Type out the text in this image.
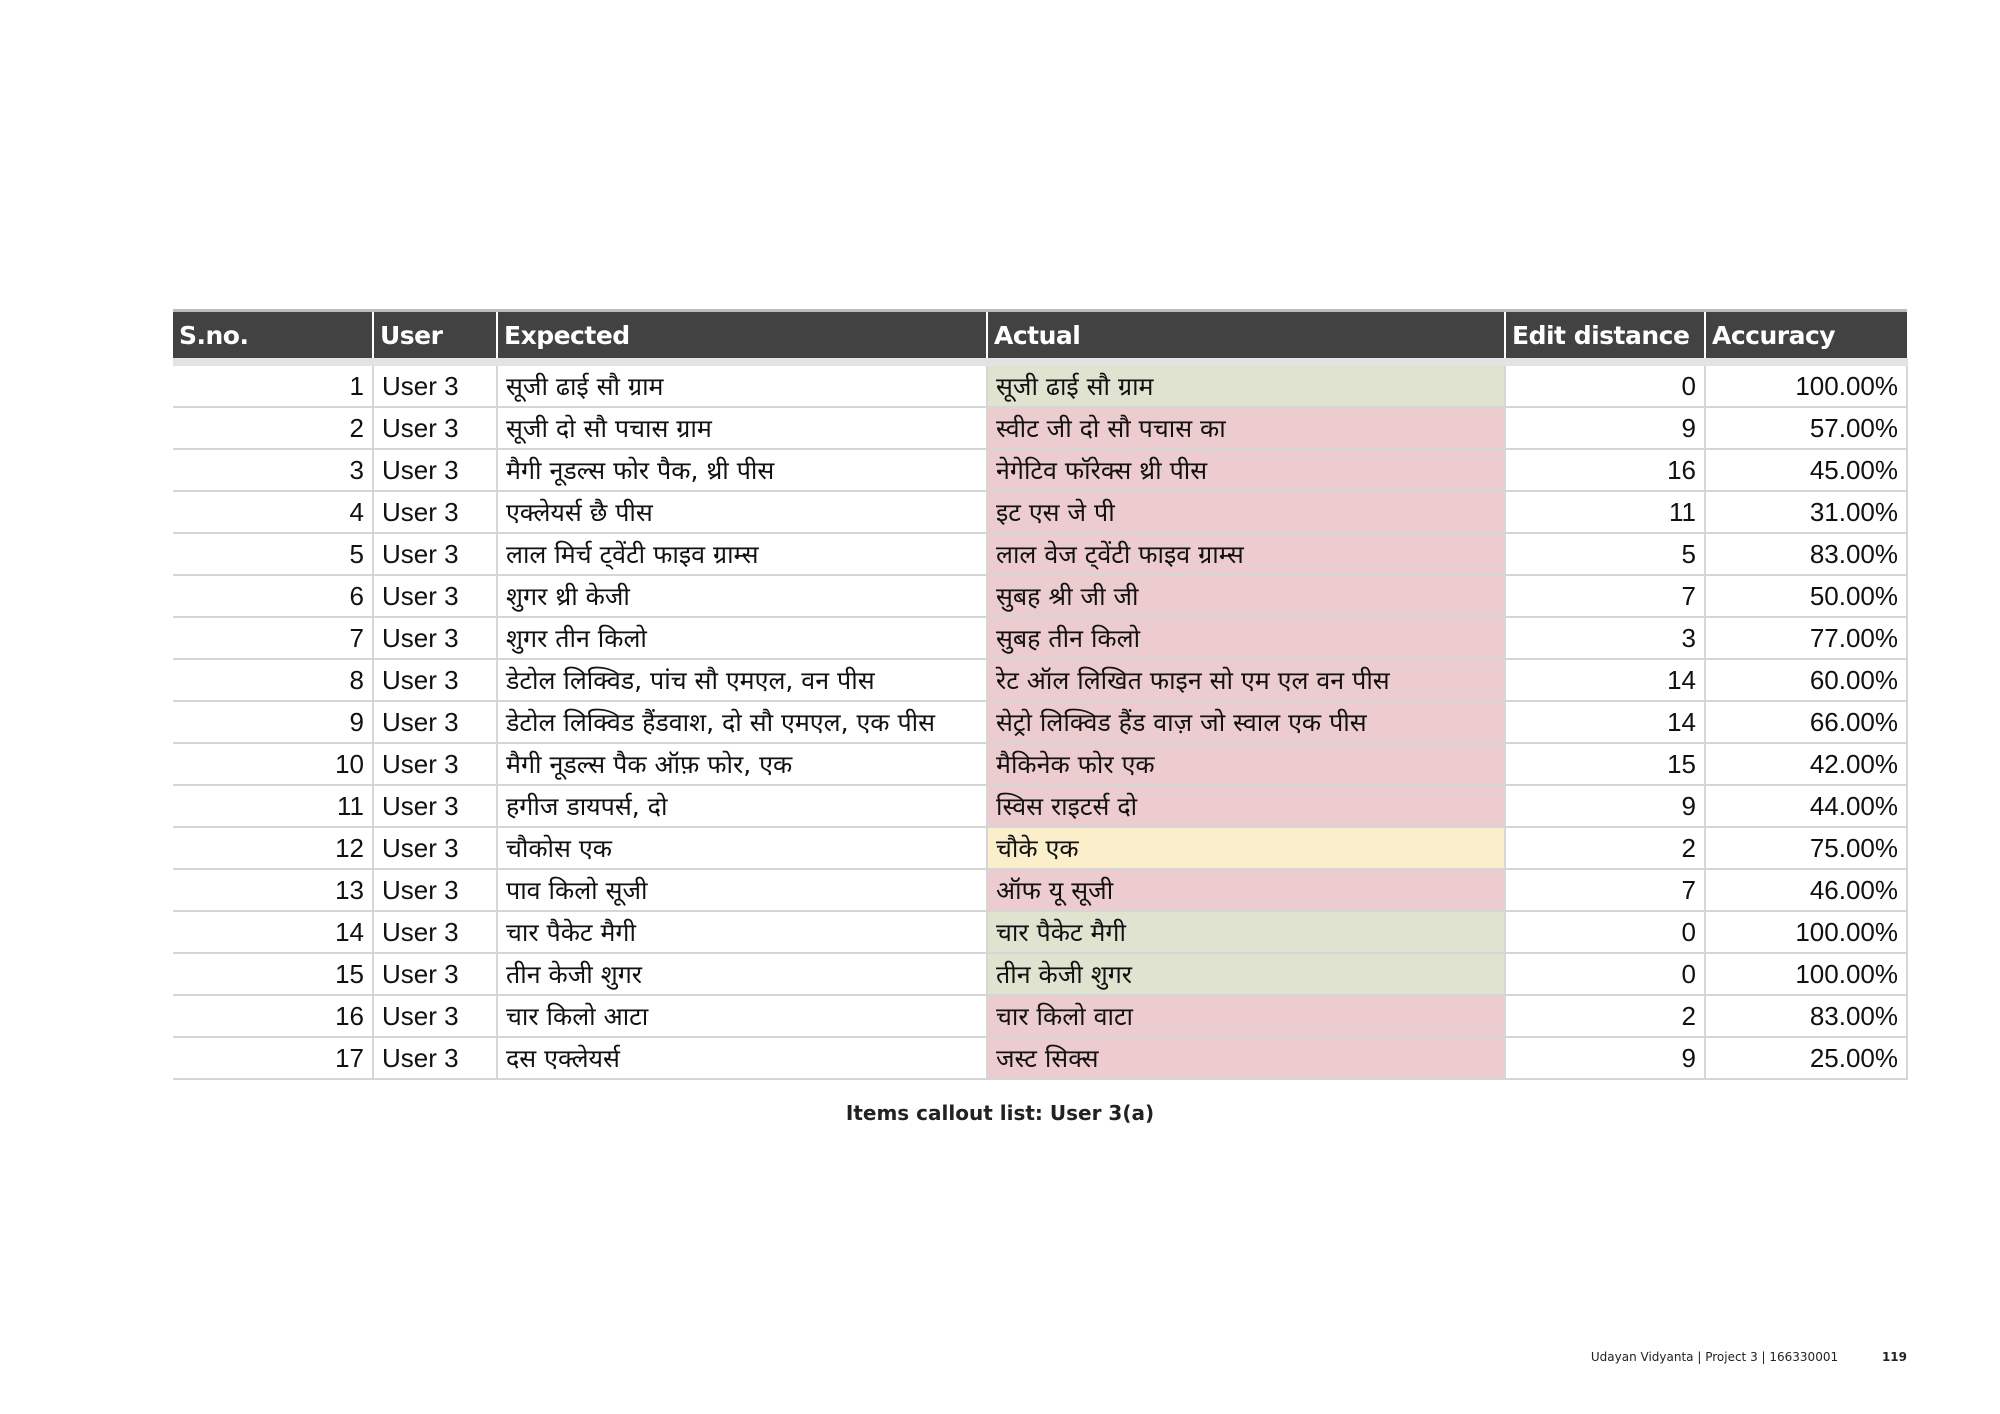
S.no.	User	Expected	Actual	Edit distance	Accuracy
1	User 3	सूजी ढाई सौ ग्राम	सूजी ढाई सौ ग्राम	0	100.00%
2	User 3	सूजी दो सौ पचास ग्राम	स्वीट जी दो सौ पचास का	9	57.00%
3	User 3	मैगी नूडल्स फोर पैक, थ्री पीस	नेगेटिव फॉरेक्स थ्री पीस	16	45.00%
4	User 3	एक्लेयर्स छै पीस	इट एस जे पी	11	31.00%
5	User 3	लाल मिर्च ट्वेंटी फाइव ग्राम्स	लाल वेज ट्वेंटी फाइव ग्राम्स	5	83.00%
6	User 3	शुगर थ्री केजी	सुबह श्री जी जी	7	50.00%
7	User 3	शुगर तीन किलो	सुबह तीन किलो	3	77.00%
8	User 3	डेटोल लिक्विड, पांच सौ एमएल, वन पीस	रेट ऑल लिखित फाइन सो एम एल वन पीस	14	60.00%
9	User 3	डेटोल लिक्विड हैंडवाश, दो सौ एमएल, एक पीस	सेट्रो लिक्विड हैंड वाज़ जो स्वाल एक पीस	14	66.00%
10	User 3	मैगी नूडल्स पैक ऑफ़ फोर, एक	मैकिनेक फोर एक	15	42.00%
11	User 3	हगीज डायपर्स, दो	स्विस राइटर्स दो	9	44.00%
12	User 3	चौकोस एक	चौके एक	2	75.00%
13	User 3	पाव किलो सूजी	ऑफ यू सूजी	7	46.00%
14	User 3	चार पैकेट मैगी	चार पैकेट मैगी	0	100.00%
15	User 3	तीन केजी शुगर	तीन केजी शुगर	0	100.00%
16	User 3	चार किलो आटा	चार किलो वाटा	2	83.00%
17	User 3	दस एक्लेयर्स	जस्ट सिक्स	9	25.00%
Items callout list: User 3(a)
Udayan Vidyanta | Project 3 | 166330001	119
